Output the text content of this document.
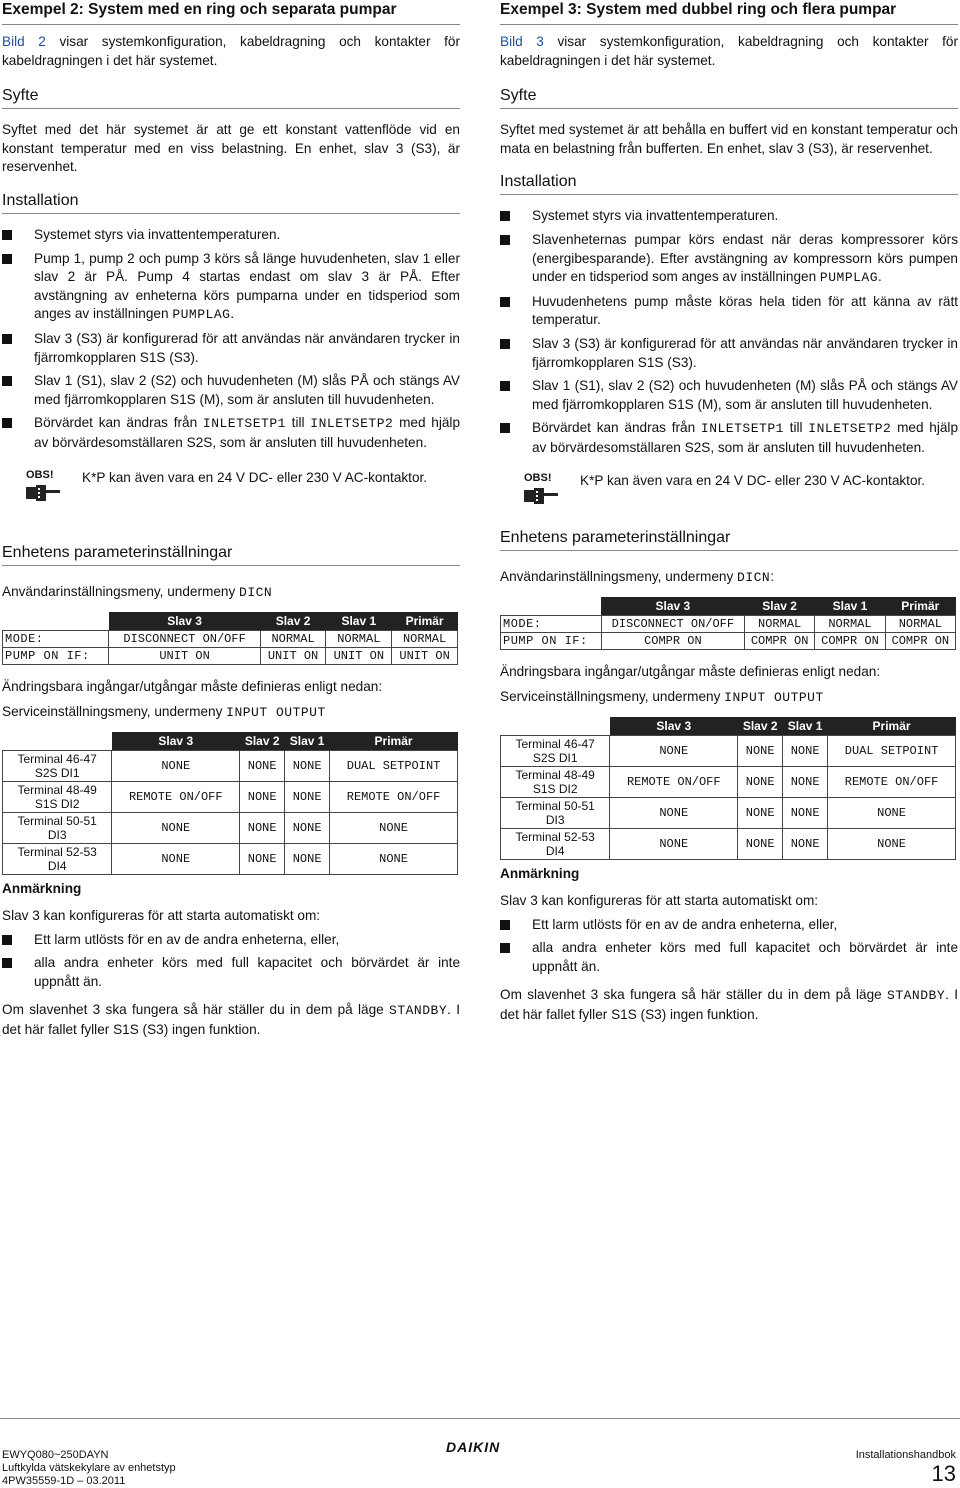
Exempel 2: System med en ring och separata pumpar

Bild 2 visar systemkonfiguration, kabeldragning och kontakter för kabeldragningen i det här systemet.

Syfte

Syftet med det här systemet är att ge ett konstant vattenflöde vid en konstant temperatur med en viss belastning. En enhet, slav 3 (S3), är reservenhet.

Installation
Systemet styrs via invattentemperaturen.
Pump 1, pump 2 och pump 3 körs så länge huvudenheten, slav 1 eller slav 2 är PÅ. Pump 4 startas endast om slav 3 är PÅ. Efter avstängning av enheterna körs pumparna under en tidsperiod som anges av inställningen PUMPLAG.
Slav 3 (S3) är konfigurerad för att användas när användaren trycker in fjärromkopplaren S1S (S3).
Slav 1 (S1), slav 2 (S2) och huvudenheten (M) slås PÅ och stängs AV med fjärromkopplaren S1S (M), som är ansluten till huvudenheten.
Börvärdet kan ändras från INLETSETP1 till INLETSETP2 med hjälp av börvärdesomställaren S2S, som är ansluten till huvudenheten.
OBS! K*P kan även vara en 24 V DC- eller 230 V AC-kontaktor.
Enhetens parameterinställningar

Användarinställningsmeny, undermeny DICN

	Slav 3	Slav 2	Slav 1	Primär
MODE:	DISCONNECT ON/OFF	NORMAL	NORMAL	NORMAL
PUMP ON IF:	UNIT ON	UNIT ON	UNIT ON	UNIT ON

Ändringsbara ingångar/utgångar måste definieras enligt nedan:

Serviceinställningsmeny, undermeny INPUT OUTPUT

	Slav 3	Slav 2	Slav 1	Primär
Terminal 46-47
S2S DI1	NONE	NONE	NONE	DUAL SETPOINT
Terminal 48-49
S1S DI2	REMOTE ON/OFF	NONE	NONE	REMOTE ON/OFF
Terminal 50-51
DI3	NONE	NONE	NONE	NONE
Terminal 52-53
DI4	NONE	NONE	NONE	NONE
Anmärkning

Slav 3 kan konfigureras för att starta automatiskt om:

Ett larm utlösts för en av de andra enheterna, eller,
alla andra enheter körs med full kapacitet och börvärdet är inte uppnått än.

Om slavenhet 3 ska fungera så här ställer du in dem på läge STANDBY. I det här fallet fyller S1S (S3) ingen funktion.

Exempel 3: System med dubbel ring och flera pumpar

Bild 3 visar systemkonfiguration, kabeldragning och kontakter för kabeldragningen i det här systemet.

Syfte

Syftet med systemet är att behålla en buffert vid en konstant temperatur och mata en belastning från bufferten. En enhet, slav 3 (S3), är reservenhet.

Installation
Systemet styrs via invattentemperaturen.
Slavenheternas pumpar körs endast när deras kompressorer körs (energibesparande). Efter avstängning av kompressorn körs pumpen under en tidsperiod som anges av inställningen PUMPLAG.
Huvudenhetens pump måste köras hela tiden för att känna av rätt temperatur.
Slav 3 (S3) är konfigurerad för att användas när användaren trycker in fjärromkopplaren S1S (S3).
Slav 1 (S1), slav 2 (S2) och huvudenheten (M) slås PÅ och stängs AV med fjärromkopplaren S1S (M), som är ansluten till huvudenheten.
Börvärdet kan ändras från INLETSETP1 till INLETSETP2 med hjälp av börvärdesomställaren S2S, som är ansluten till huvudenheten.
OBS! K*P kan även vara en 24 V DC- eller 230 V AC-kontaktor.
Enhetens parameterinställningar

Användarinställningsmeny, undermeny DICN:

	Slav 3	Slav 2	Slav 1	Primär
MODE:	DISCONNECT ON/OFF	NORMAL	NORMAL	NORMAL
PUMP ON IF:	COMPR ON	COMPR ON	COMPR ON	COMPR ON

Ändringsbara ingångar/utgångar måste definieras enligt nedan:

Serviceinställningsmeny, undermeny INPUT OUTPUT

	Slav 3	Slav 2	Slav 1	Primär
Terminal 46-47
S2S DI1	NONE	NONE	NONE	DUAL SETPOINT
Terminal 48-49
S1S DI2	REMOTE ON/OFF	NONE	NONE	REMOTE ON/OFF
Terminal 50-51
DI3	NONE	NONE	NONE	NONE
Terminal 52-53
DI4	NONE	NONE	NONE	NONE
Anmärkning

Slav 3 kan konfigureras för att starta automatiskt om:

Ett larm utlösts för en av de andra enheterna, eller,
alla andra enheter körs med full kapacitet och börvärdet är inte uppnått än.

Om slavenhet 3 ska fungera så här ställer du in dem på läge STANDBY. I det här fallet fyller S1S (S3) ingen funktion.

EWYQ080~250DAYN
Luftkylda vätskekylare av enhetstyp
4PW35559-1D – 03.2011
DAIKIN	Installationshandbok
13
